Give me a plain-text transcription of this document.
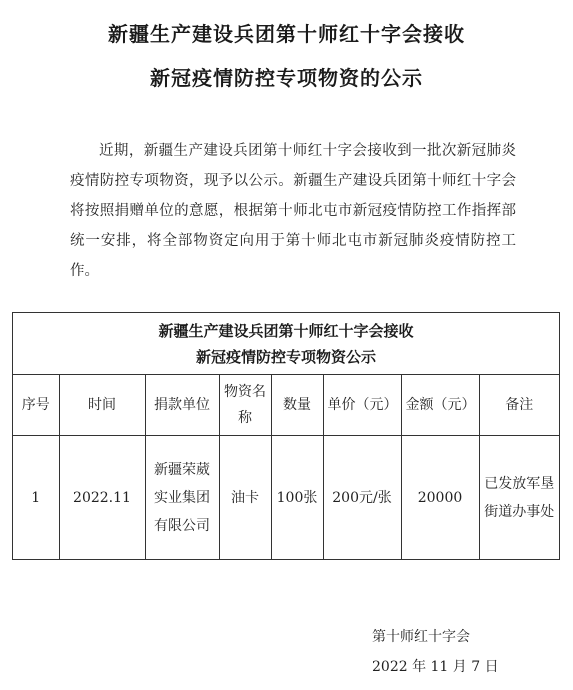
新疆生产建设兵团第十师红十字会接收
新冠疫情防控专项物资的公示

近期，新疆生产建设兵团第十师红十字会接收到一批次新冠肺炎疫情防控专项物资，现予以公示。新疆生产建设兵团第十师红十字会将按照捐赠单位的意愿，根据第十师北屯市新冠疫情防控工作指挥部统一安排，将全部物资定向用于第十师北屯市新冠肺炎疫情防控工作。

新疆生产建设兵团第十师红十字会接收
新冠疫情防控专项物资公示
序号	时间	捐款单位	物资名称	数量	单价（元）	金额（元）	备注
1	2022.11	新疆荣葳实业集团有限公司	油卡	100张	200元/张	20000	已发放军垦街道办事处
第十师红十字会
2022 年 11 月 7 日
